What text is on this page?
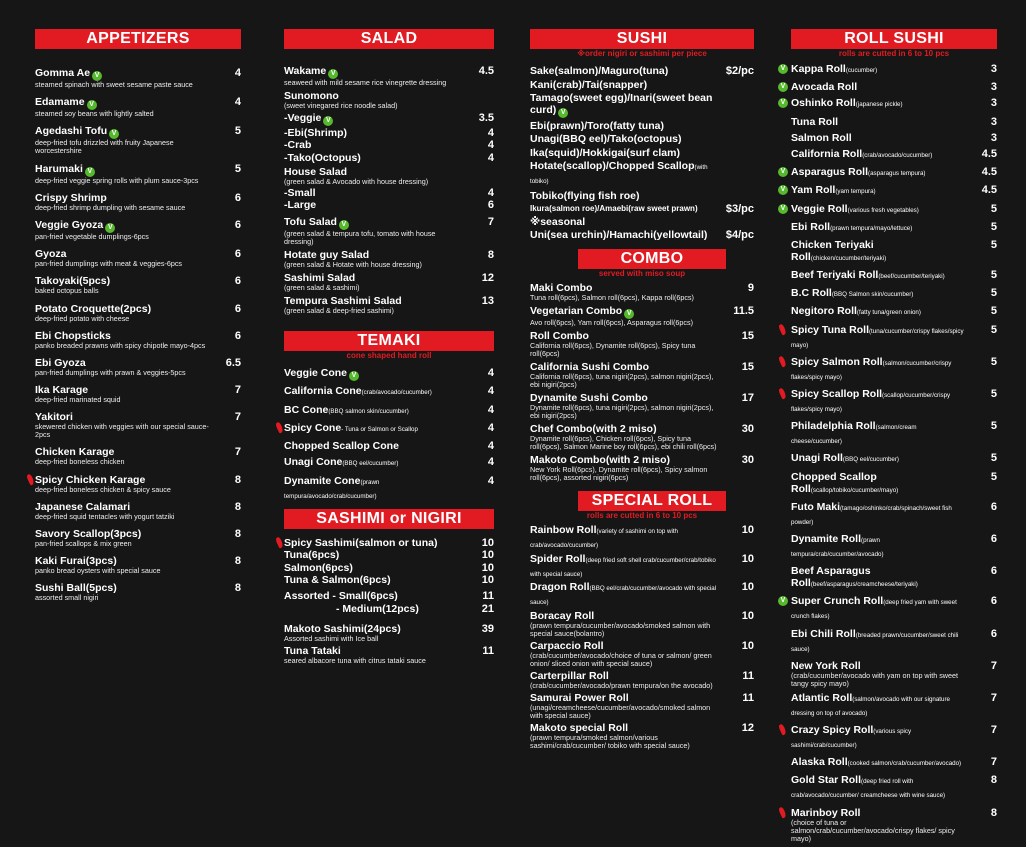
APPETIZERS
Gomma Ae V
steamed spinach with sweet sesame paste sauce
4
Edamame V
steamed soy beans with lightly salted
4
Agedashi Tofu V
deep-fried tofu drizzled with fruity Japanese worcestershire
5
Harumaki V
deep-fried veggie spring rolls with plum sauce-3pcs
5
Crispy Shrimp
deep-fried shrimp dumpling with sesame sauce
6
Veggie Gyoza V
pan-fried vegetable dumplings-6pcs
6
Gyoza
pan-fried dumplings with meat & veggies-6pcs
6
Takoyaki(5pcs)
baked octopus balls
6
Potato Croquette(2pcs)
deep-fried potato with cheese
6
Ebi Chopsticks
panko breaded prawns with spicy chipotle mayo-4pcs
6
Ebi Gyoza
pan-fried dumplings with prawn & veggies-5pcs
6.5
Ika Karage
deep-fried marinated squid
7
Yakitori
skewered chicken with veggies with our special sauce-2pcs
7
Chicken Karage
deep-fried boneless chicken
7
Spicy Chicken Karage
deep-fried boneless chicken & spicy sauce
8
Japanese Calamari
deep-fried squid tentacles with yogurt tatziki
8
Savory Scallop(3pcs)
pan-fried scallops & mix green
8
Kaki Furai(3pcs)
panko bread oysters with special sauce
8
Sushi Ball(5pcs)
assorted small nigiri
8
SALAD
Wakame V
seaweed with mild sesame rice vinegrette dressing
4.5
Sunomono
(sweet vinegared rice noodle salad)
-Veggie V	3.5
-Ebi(Shrimp)	4
-Crab	4
-Tako(Octopus)	4
House Salad
(green salad & Avocado with house dressing)
-Small	4
-Large	6
Tofu Salad V
(green salad & tempura tofu, tomato with house dressing)
7
Hotate guy Salad
(green salad & Hotate with house dressing)
8
Sashimi Salad
(green salad & sashimi)
12
Tempura Sashimi Salad
(green salad & deep-fried sashimi)
13
TEMAKI
cone shaped hand roll
Veggie Cone V	4
California Cone(crab/avocado/cucumber)	4
BC Cone(BBQ salmon skin/cucumber)	4
Spicy Cone- Tuna or Salmon or Scallop	4
Chopped Scallop Cone	4
Unagi Cone(BBQ eel/cucumber)	4
Dynamite Cone(prawn tempura/avocado/crab/cucumber)
4
SASHIMI or NIGIRI
Spicy Sashimi(salmon or tuna)	10
Tuna(6pcs)	10
Salmon(6pcs)	10
Tuna & Salmon(6pcs)	10
Assorted - Small(6pcs)	11
- Medium(12pcs)	21
Makoto Sashimi(24pcs)
Assorted sashimi with Ice ball
39
Tuna Tataki
seared albacore tuna with citrus tataki sauce
11
SUSHI
※order nigiri or sashimi per piece
Sake(salmon)/Maguro(tuna)	$2/pc
Kani(crab)/Tai(snapper)
Tamago(sweet egg)/Inari(sweet bean curd) V
Ebi(prawn)/Toro(fatty tuna)
Unagi(BBQ eel)/Tako(octopus)
Ika(squid)/Hokkigai(surf clam)
Hotate(scallop)/Chopped Scallop(with tobiko)
Tobiko(flying fish roe)
Ikura(salmon roe)/Amaebi(raw sweet prawn)	$3/pc
※seasonal
Uni(sea urchin)/Hamachi(yellowtail)	$4/pc
COMBO
served with miso soup
Maki Combo
Tuna roll(6pcs), Salmon roll(6pcs), Kappa roll(6pcs)
9
Vegetarian Combo V
Avo roll(6pcs), Yam roll(6pcs), Asparagus roll(6pcs)
11.5
Roll Combo
California roll(6pcs), Dynamite roll(6pcs), Spicy tuna roll(6pcs)
15
California Sushi Combo
California roll(6pcs), tuna nigiri(2pcs), salmon nigiri(2pcs), ebi nigiri(2pcs)
15
Dynamite Sushi Combo
Dynamite roll(6pcs), tuna nigiri(2pcs), salmon nigiri(2pcs), ebi nigiri(2pcs)
17
Chef Combo(with 2 miso)
Dynamite roll(6pcs), Chicken roll(6pcs), Spicy tuna roll(6pcs), Salmon Marine boy roll(6pcs), ebi chili roll(6pcs)
30
Makoto Combo(with 2 miso)
New York Roll(6pcs), Dynamite roll(6pcs), Spicy salmon roll(6pcs), assorted nigiri(6pcs)
30
SPECIAL ROLL
rolls are cutted in 6 to 10 pcs
Rainbow Roll(variety of sashimi on top with crab/avocado/cucumber)
10
Spider Roll(deep fried soft shell crab/cucumber/crab/tobiko with special sauce)
10
Dragon Roll(BBQ eel/crab/cucumber/avocado with special sauce)
10
Boracay Roll
(prawn tempura/cucumber/avocado/smoked salmon with special sauce(bolantro)
10
Carpaccio Roll
(crab/cucumber/avocado/choice of tuna or salmon/ green onion/ sliced onion with special sauce)
10
Carterpillar Roll
(crab/cucumber/avocado/prawn tempura/on the avocado)
11
Samurai Power Roll
(unagi/creamcheese/cucumber/avocado/smoked salmon with special sauce)
11
Makoto special Roll
(prawn tempura/smoked salmon/various sashimi/crab/cucumber/ tobiko with special sauce)
12
ROLL SUSHI
rolls are cutted in 6 to 10 pcs
V Kappa Roll(cucumber)	3
V Avocada Roll	3
V Oshinko Roll(japanese pickle)	3
Tuna Roll	3
Salmon Roll	3
California Roll(crab/avocado/cucumber)	4.5
V Asparagus Roll(asparagus tempura)	4.5
V Yam Roll(yam tempura)	4.5
V Veggie Roll(various fresh vegetables)	5
Ebi Roll(prawn tempura/mayo/lettuce)	5
Chicken Teriyaki Roll(chicken/cucumber/teriyaki)
5
Beef Teriyaki Roll(beef/cucumber/teriyaki)	5
B.C Roll(BBQ Salmon skin/cucumber)	5
Negitoro Roll(fatty tuna/green onion)	5
Spicy Tuna Roll(tuna/cucumber/crispy flakes/spicy mayo)
5
Spicy Salmon Roll(salmon/cucumber/crispy flakes/spicy mayo)
5
Spicy Scallop Roll(scallop/cucumber/crispy flakes/spicy mayo)
5
Philadelphia Roll(salmon/cream cheese/cucumber)
5
Unagi Roll(BBQ eel/cucumber)	5
Chopped Scallop Roll(scallop/tobiko/cucumber/mayo)
5
Futo Maki(tamago/oshinko/crab/spinach/sweet fish powder)
6
Dynamite Roll(prawn tempura/crab/cucumber/avocado)
6
Beef Asparagus Roll(beef/asparagus/creamcheese/teriyaki)
6
V Super Crunch Roll(deep fried yam with sweet crunch flakes)
6
Ebi Chili Roll(breaded prawn/cucumber/sweet chili sauce)
6
New York Roll
(crab/cucumber/avocado with yam on top with sweet tangy spicy mayo)
7
Atlantic Roll(salmon/avocado with our signature dressing on top of avocado)
7
Crazy Spicy Roll(various spicy sashimi/crab/cucumber)
7
Alaska Roll(cooked salmon/crab/cucumber/avocado)	7
Gold Star Roll(deep fried roll with crab/avocado/cucumber/ creamcheese with wine sauce)
8
Marinboy Roll
(choice of tuna or salmon/crab/cucumber/avocado/crispy flakes/ spicy mayo)
8
